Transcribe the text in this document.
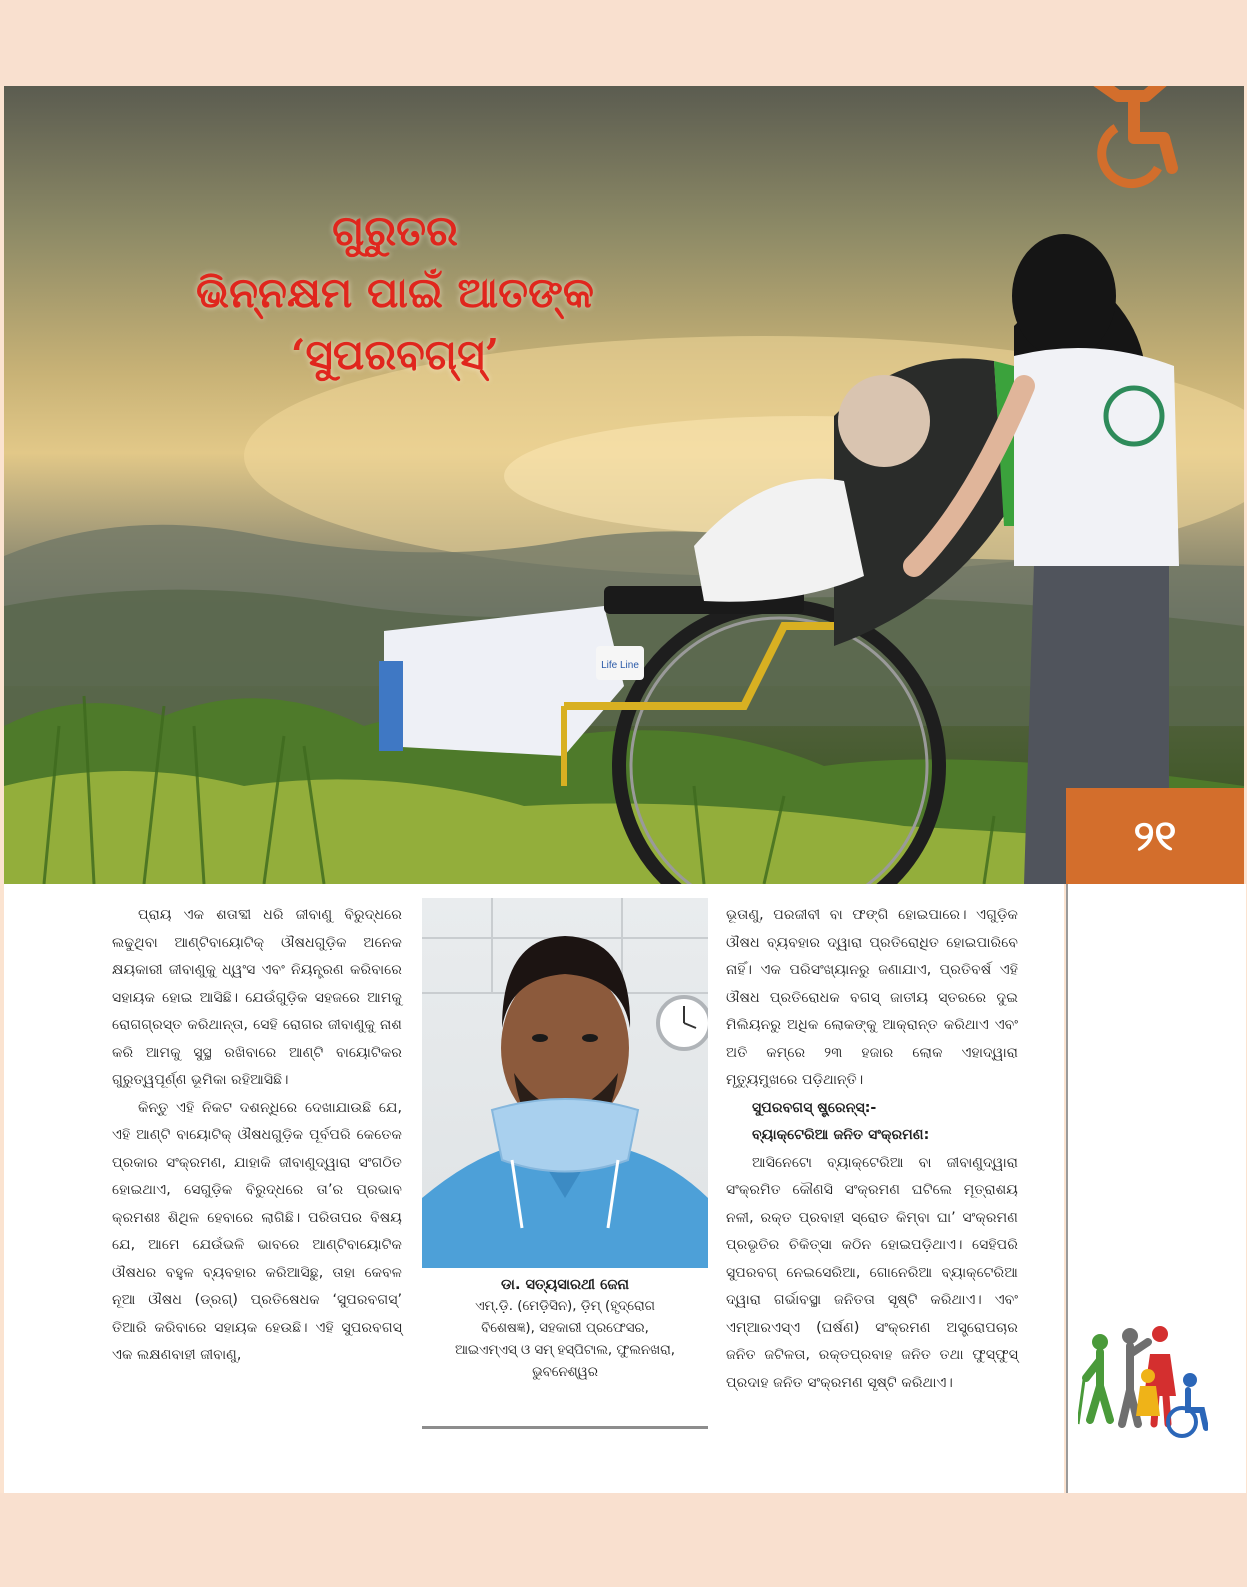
Life Line
ଗୁରୁତର
ଭିନ୍ନକ୍ଷମ ପାଇଁ ଆତଙ୍କ
‘ସୁପରବଗ୍ସ୍’
୨୧

ପ୍ରାୟ ଏକ ଶତାବ୍ଦୀ ଧରି ଜୀବାଣୁ ବିରୁଦ୍ଧରେ ଲଢୁଥିବା ଆଣ୍ଟିବାୟୋଟିକ୍ ଔଷଧଗୁଡ଼ିକ ଅନେକ କ୍ଷୟକାରୀ ଜୀବାଣୁକୁ ଧ୍ୱଂସ ଏବଂ ନିୟନ୍ତ୍ରଣ କରିବାରେ ସହାୟକ ହୋଇ ଆସିଛି। ଯେଉଁଗୁଡ଼ିକ ସହଜରେ ଆମକୁ ରୋଗଗ୍ରସ୍ତ କରିଥାନ୍ତା, ସେହି ରୋଗର ଜୀବାଣୁକୁ ନାଶ କରି ଆମକୁ ସୁସ୍ଥ ରଖିବାରେ ଆଣ୍ଟି ବାୟୋଟିକର ଗୁରୁତ୍ୱପୂର୍ଣ୍ଣ ଭୂମିକା ରହିଆସିଛି।

କିନ୍ତୁ ଏହି ନିକଟ ଦଶନ୍ଧିରେ ଦେଖାଯାଉଛି ଯେ, ଏହି ଆଣ୍ଟି ବାୟୋଟିକ୍ ଔଷଧଗୁଡ଼ିକ ପୂର୍ବପରି କେତେକ ପ୍ରକାର ସଂକ୍ରମଣ, ଯାହାକି ଜୀବାଣୁଦ୍ୱାରା ସଂଗଠିତ ହୋଇଥାଏ, ସେଗୁଡ଼ିକ ବିରୁଦ୍ଧରେ ତା’ର ପ୍ରଭାବ କ୍ରମଶଃ ଶିଥିଳ ହେବାରେ ଲାଗିଛି। ପରିତାପର ବିଷୟ ଯେ, ଆମେ ଯେଉଁଭଳି ଭାବରେ ଆଣ୍ଟିବାୟୋଟିକ ଔଷଧର ବହୁଳ ବ୍ୟବହାର କରିଆସିଛୁ, ତାହା କେବଳ ନୂଆ ଔଷଧ (ଡ୍ରଗ୍) ପ୍ରତିଷେଧକ ‘ସୁପରବଗସ୍’ ତିଆରି କରିବାରେ ସହାୟକ ହେଉଛି। ଏହି ସୁପରବଗସ୍ ଏକ ଲକ୍ଷଣବାହୀ ଜୀବାଣୁ,

ଡା. ସତ୍ୟସାରଥୀ ଜେନା
ଏମ୍.ଡ଼ି. (ମେଡ଼ିସିନ), ଡ଼ିମ୍ (ହୃଦ୍‌ରୋଗ
ବିଶେଷଜ୍ଞ), ସହକାରୀ ପ୍ରଫେସର,
ଆଇଏମ୍ଏସ୍ ଓ ସମ୍ ହସ୍ପିଟାଲ, ଫୁଲନଖରା,
ଭୁବନେଶ୍ୱର

ଭୂତାଣୁ, ପରଜୀବୀ ବା ଫଙ୍ଗି ହୋଇପାରେ। ଏଗୁଡ଼ିକ ଔଷଧ ବ୍ୟବହାର ଦ୍ୱାରା ପ୍ରତିରୋଧିତ ହୋଇପାରିବେ ନାହିଁ। ଏକ ପରିସଂଖ୍ୟାନରୁ ଜଣାଯାଏ, ପ୍ରତିବର୍ଷ ଏହି ଔଷଧ ପ୍ରତିରୋଧକ ବଗସ୍ ଜାତୀୟ ସ୍ତରରେ ଦୁଇ ମିଲିୟନରୁ ଅଧିକ ଲୋକଙ୍କୁ ଆକ୍ରାନ୍ତ କରିଥାଏ ଏବଂ ଅତି କମ୍‌ରେ ୨୩ ହଜାର ଲୋକ ଏହାଦ୍ୱାରା ମୃତ୍ୟୁମୁଖରେ ପଡ଼ିଥାନ୍ତି।

ସୁପରବଗସ୍ ଷ୍ଟ୍ରେନ୍‌ସ୍:-

ବ୍ୟାକ୍ଟେରିଆ ଜନିତ ସଂକ୍ରମଣ:

ଆସିନେଟୋ ବ୍ୟାକ୍ଟେରିଆ ବା ଜୀବାଣୁଦ୍ୱାରା ସଂକ୍ରମିତ କୌଣସି ସଂକ୍ରମଣ ଘଟିଲେ ମୂତ୍ରାଶୟ ନଳୀ, ରକ୍ତ ପ୍ରବାହୀ ସ୍ରୋତ କିମ୍ବା ଘା’ ସଂକ୍ରମଣ ପ୍ରଭୃତିର ଚିକିତ୍ସା କଠିନ ହୋଇପଡ଼ିଥାଏ। ସେହିପରି ସୁପରବଗ୍ ନେଇସେରିଆ, ଗୋନେରିଆ ବ୍ୟାକ୍ଟେରିଆ ଦ୍ୱାରା ଗର୍ଭାବସ୍ଥା ଜନିତତା ସୃଷ୍ଟି କରିଥାଏ। ଏବଂ ଏମ୍ଆରଏସ୍ଏ (ଘର୍ଷଣ) ସଂକ୍ରମଣ ଅସ୍ତ୍ରୋପଚାର ଜନିତ ଜଟିଳତା, ରକ୍ତପ୍ରବାହ ଜନିତ ତଥା ଫୁସ୍‌ଫୁସ୍ ପ୍ରଦାହ ଜନିତ ସଂକ୍ରମଣ ସୃଷ୍ଟି କରିଥାଏ।
